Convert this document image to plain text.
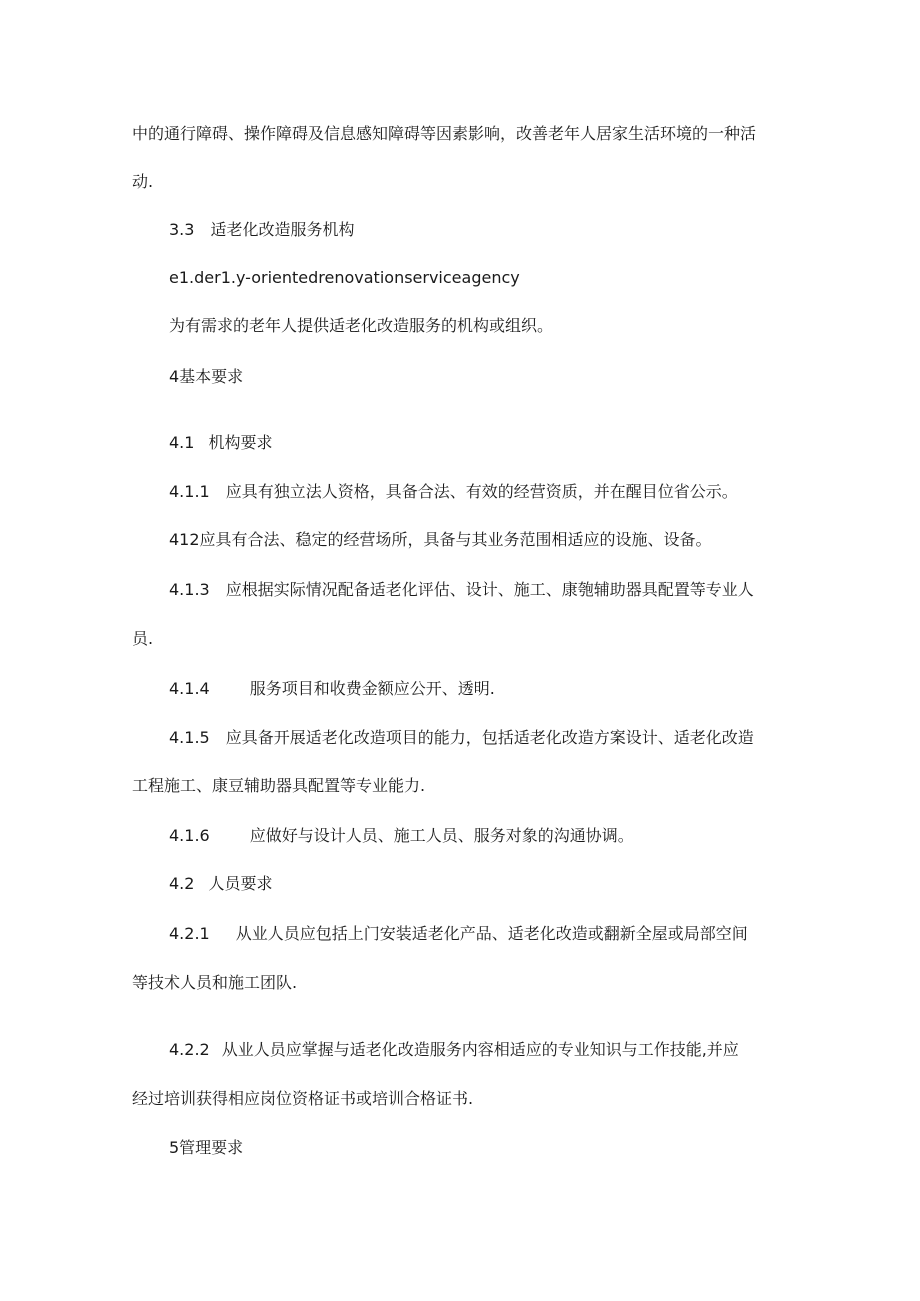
中的通行障碍、操作障碍及信息感知障碍等因素影响，改善老年人居家生活环境的一种活

动.

3.3 适老化改造服务机构

e1.der1.y-orientedrenovationserviceagency

为有需求的老年人提供适老化改造服务的机构或组织。

4基本要求

4.1 机构要求

4.1.1 应具有独立法人资格，具备合法、有效的经营资质，并在醒目位省公示。

412应具有合法、稳定的经营场所，具备与其业务范围相适应的设施、设备。

4.1.3 应根据实际情况配备适老化评估、设计、施工、康匏辅助器具配置等专业人

员.

4.1.4	服务项目和收费金额应公开、透明.

4.1.5 应具备开展适老化改造项目的能力，包括适老化改造方案设计、适老化改造

工程施工、康豆辅助器具配置等专业能力.

4.1.6	应做好与设计人员、施工人员、服务对象的沟通协调。

4.2 人员要求

4.2.1 从业人员应包括上门安装适老化产品、适老化改造或翻新全屋或局部空间

等技术人员和施工团队.

4.2.2 从业人员应掌握与适老化改造服务内容相适应的专业知识与工作技能,并应

经过培训获得相应岗位资格证书或培训合格证书.

5管理要求
